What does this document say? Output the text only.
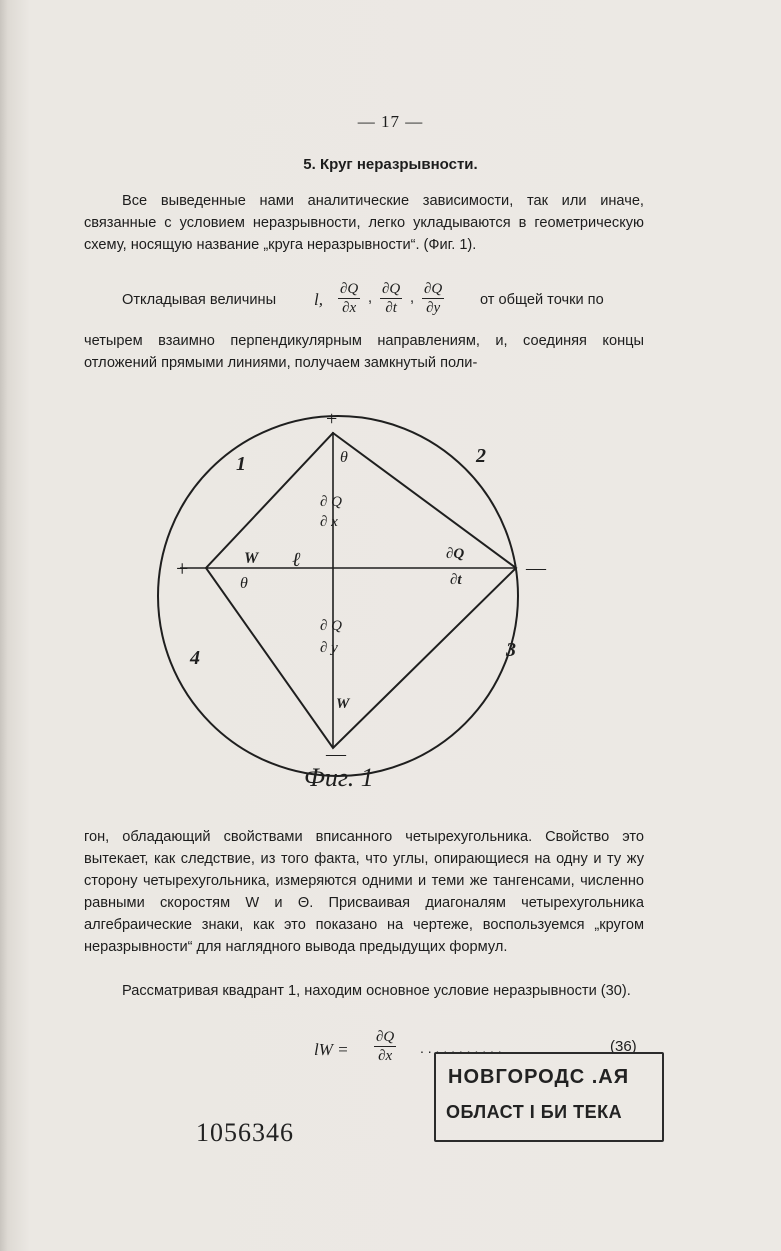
— 17 —
5. Круг неразрывности.
Все выведенные нами аналитические зависимости, так или иначе, связанные с условием неразрывности, легко укладываются в геометрическую схему, носящую название „круга неразрывности“. (Фиг. 1).
Откладывая величины l, $\frac{\partial Q}{\partial x}$ , $\frac{\partial Q}{\partial t}$ , $\frac{\partial Q}{\partial y}$ от общей точки по
четырем взаимно перпендикулярным направлениям, и, соединяя концы отложений прямыми линиями, получаем замкнутый поли-
+
+	—
—
1	2
3
4
θ
θ
W
W
ℓ
∂ Q
∂ x
∂ Q
∂ y
∂Q
∂t
Фиг. 1
гон, обладающий свойствами вписанного четырехугольника. Свойство это вытекает, как следствие, из того факта, что углы, опирающиеся на одну и ту жу сторону четырехугольника, измеряются одними и теми же тангенсами, численно равными скоростям W и Θ. Присваивая диагоналям четырехугольника алгебраические знаки, как это показано на чертеже, воспользуемся „кругом неразрывности“ для наглядного вывода предыдущих формул.
Рассматривая квадрант 1, находим основное условие неразрывности (30).
lW = $\frac{\partial Q}{\partial x}$ . . . . . . . . . . .	(36)
НОВГОРОДС .АЯ
ОБЛАСТ І БИ ТЕКА
1056346
